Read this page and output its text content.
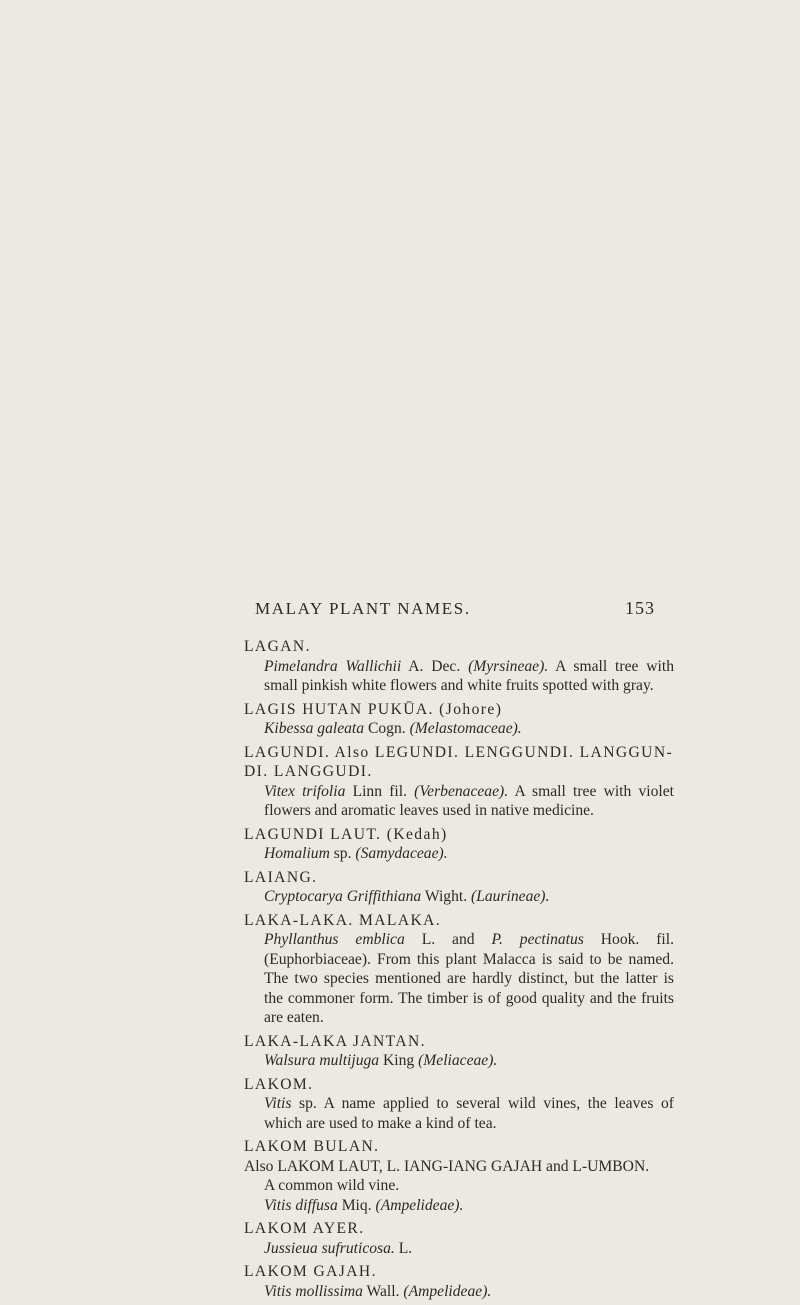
MALAY PLANT NAMES.	153
LAGAN.
Pimelandra Wallichii A. Dec. (Myrsineae). A small tree with small pinkish white flowers and white fruits spotted with gray.
LAGIS HUTAN PUKŪA. (Johore)
Kibessa galeata Cogn. (Melastomaceae).
LAGUNDI. Also LEGUNDI. LENGGUNDI. LANGGUN-DI. LANGGUDI.
Vitex trifolia Linn fil. (Verbenaceae). A small tree with violet flowers and aromatic leaves used in native medicine.
LAGUNDI LAUT. (Kedah)
Homalium sp. (Samydaceae).
LAIANG.
Cryptocarya Griffithiana Wight. (Laurineae).
LAKA-LAKA. MALAKA.
Phyllanthus emblica L. and P. pectinatus Hook. fil. (Euphorbiaceae). From this plant Malacca is said to be named. The two species mentioned are hardly distinct, but the latter is the commoner form. The timber is of good quality and the fruits are eaten.
LAKA-LAKA JANTAN.
Walsura multijuga King (Meliaceae).
LAKOM.
Vitis sp. A name applied to several wild vines, the leaves of which are used to make a kind of tea.
LAKOM BULAN.
Also LAKOM LAUT, L. IANG-IANG GAJAH and L-UMBON.
A common wild vine.
Vitis diffusa Miq. (Ampelideae).
LAKOM AYER.
Jussieua sufruticosa. L.
LAKOM GAJAH.
Vitis mollissima Wall. (Ampelideae).
